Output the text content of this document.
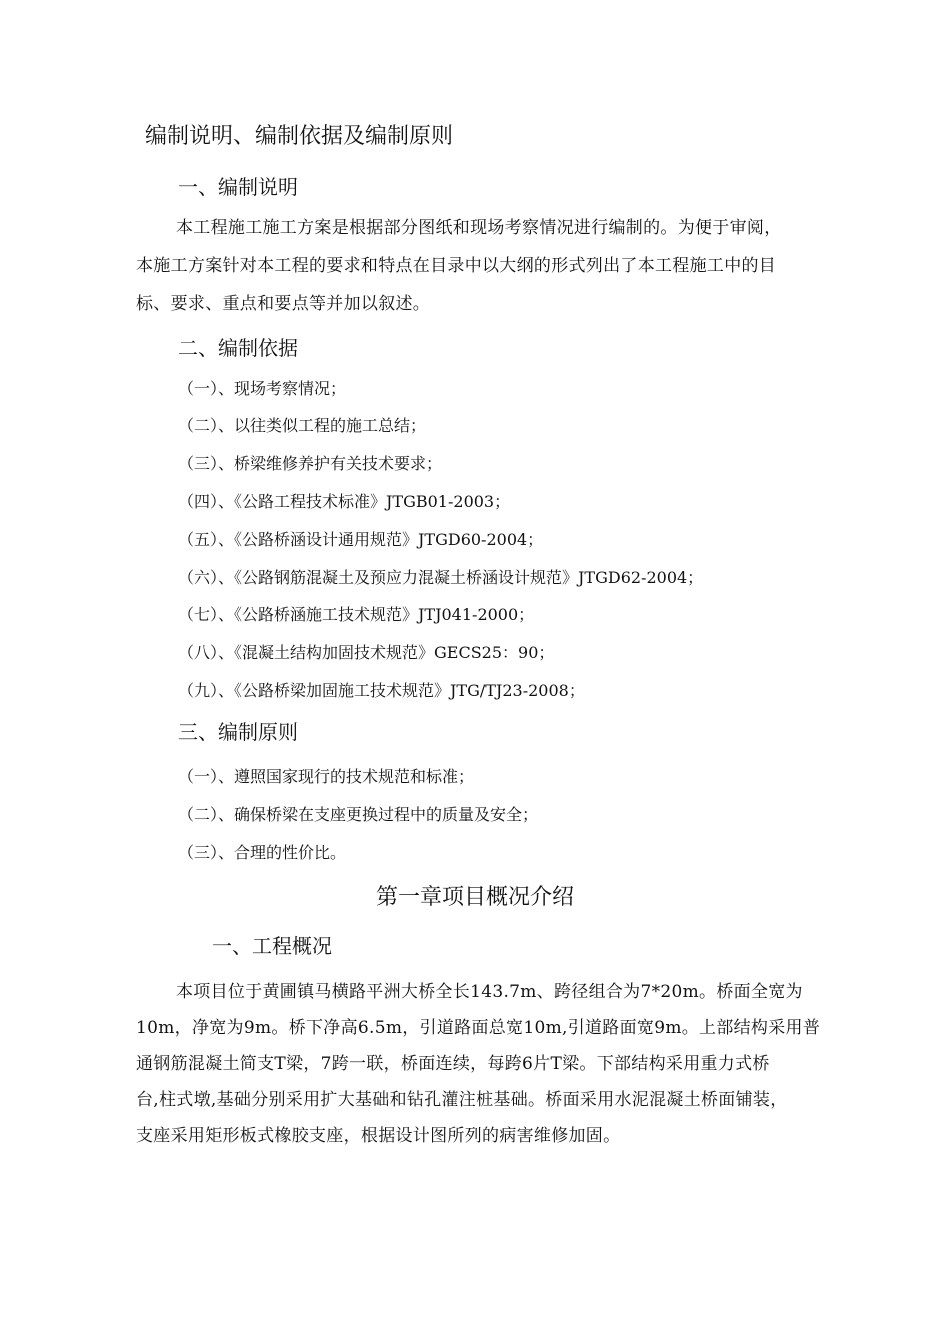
编制说明、编制依据及编制原则
一、编制说明
本工程施工施工方案是根据部分图纸和现场考察情况进行编制的。为便于审阅，
本施工方案针对本工程的要求和特点在目录中以大纲的形式列出了本工程施工中的目
标、要求、重点和要点等并加以叙述。
二、编制依据
（一）、现场考察情况；
（二）、以往类似工程的施工总结；
（三）、桥梁维修养护有关技术要求；
（四）、《公路工程技术标准》JTGB01-2003；
（五）、《公路桥涵设计通用规范》JTGD60-2004；
（六）、《公路钢筋混凝土及预应力混凝土桥涵设计规范》JTGD62-2004；
（七）、《公路桥涵施工技术规范》JTJ041-2000；
（八）、《混凝土结构加固技术规范》GECS25：90；
（九）、《公路桥梁加固施工技术规范》JTG/TJ23-2008；
三、编制原则
（一）、遵照国家现行的技术规范和标准；
（二）、确保桥梁在支座更换过程中的质量及安全；
（三）、合理的性价比。
第一章项目概况介绍
一、工程概况
本项目位于黄圃镇马横路平洲大桥全长143.7m、跨径组合为7*20m。桥面全宽为
10m，净宽为9m。桥下净高6.5m，引道路面总宽10m,引道路面宽9m。上部结构采用普
通钢筋混凝土简支T梁，7跨一联，桥面连续，每跨6片T梁。下部结构采用重力式桥
台,柱式墩,基础分别采用扩大基础和钻孔灌注桩基础。桥面采用水泥混凝土桥面铺装，
支座采用矩形板式橡胶支座，根据设计图所列的病害维修加固。
